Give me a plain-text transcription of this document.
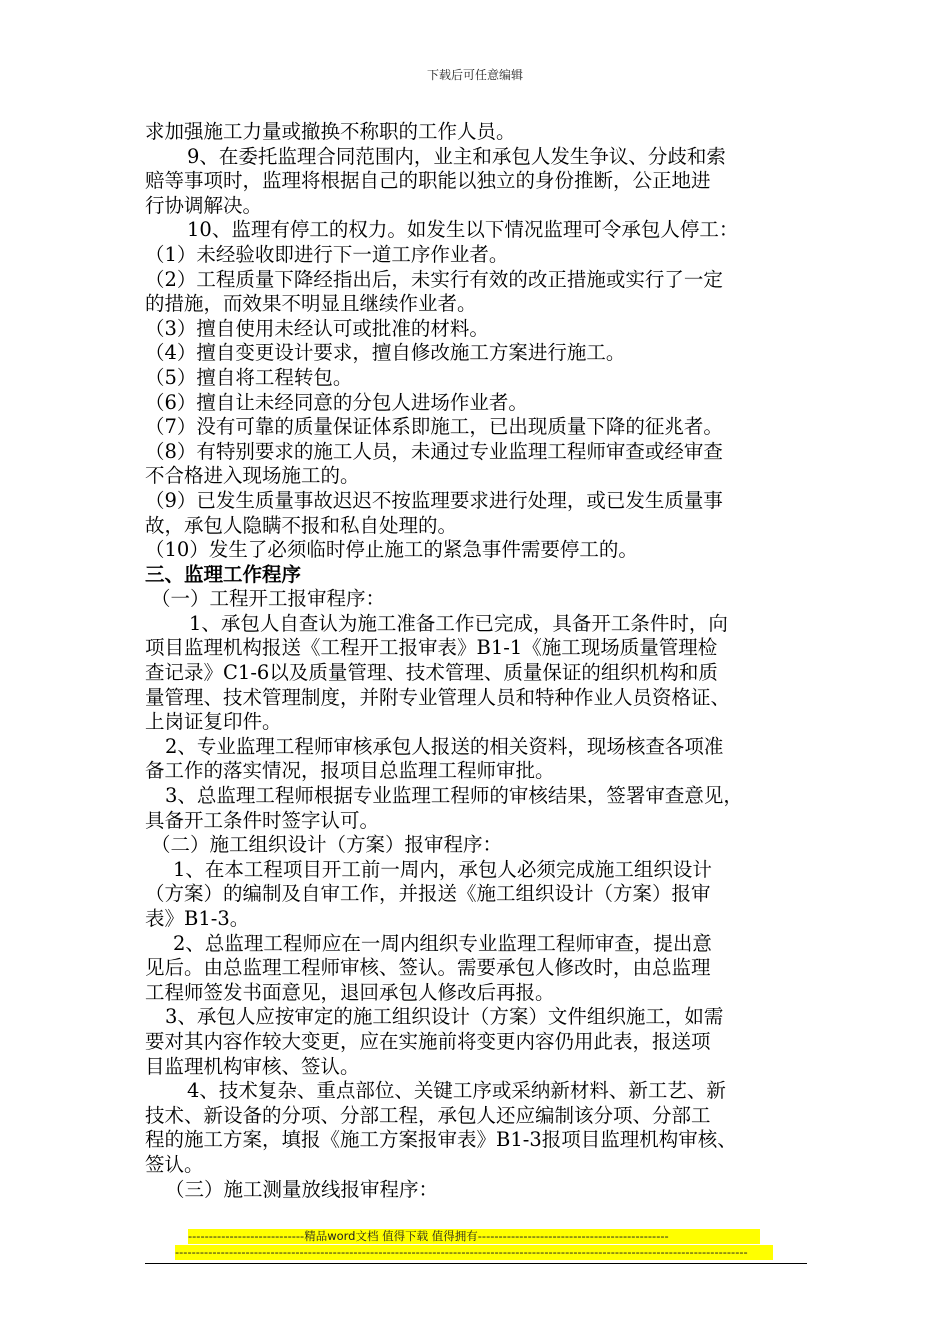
下载后可任意编辑
求加强施工力量或撤换不称职的工作人员。
9、在委托监理合同范围内，业主和承包人发生争议、分歧和索
赔等事项时，监理将根据自己的职能以独立的身份推断，公正地进
行协调解决。
10、监理有停工的权力。如发生以下情况监理可令承包人停工：
（1）未经验收即进行下一道工序作业者。
（2）工程质量下降经指出后，未实行有效的改正措施或实行了一定
的措施，而效果不明显且继续作业者。
（3）擅自使用未经认可或批准的材料。
（4）擅自变更设计要求，擅自修改施工方案进行施工。
（5）擅自将工程转包。
（6）擅自让未经同意的分包人进场作业者。
（7）没有可靠的质量保证体系即施工，已出现质量下降的征兆者。
（8）有特别要求的施工人员，未通过专业监理工程师审查或经审查
不合格进入现场施工的。
（9）已发生质量事故迟迟不按监理要求进行处理，或已发生质量事
故，承包人隐瞒不报和私自处理的。
（10）发生了必须临时停止施工的紧急事件需要停工的。
三、监理工作程序
（一）工程开工报审程序：
1、承包人自查认为施工准备工作已完成，具备开工条件时，向
项目监理机构报送《工程开工报审表》B1-1《施工现场质量管理检
查记录》C1-6以及质量管理、技术管理、质量保证的组织机构和质
量管理、技术管理制度，并附专业管理人员和特种作业人员资格证、
上岗证复印件。
2、专业监理工程师审核承包人报送的相关资料，现场核查各项准
备工作的落实情况，报项目总监理工程师审批。
3、总监理工程师根据专业监理工程师的审核结果，签署审查意见，
具备开工条件时签字认可。
（二）施工组织设计（方案）报审程序：
1、在本工程项目开工前一周内，承包人必须完成施工组织设计
（方案）的编制及自审工作，并报送《施工组织设计（方案）报审
表》B1-3。
2、总监理工程师应在一周内组织专业监理工程师审查，提出意
见后。由总监理工程师审核、签认。需要承包人修改时，由总监理
工程师签发书面意见，退回承包人修改后再报。
3、承包人应按审定的施工组织设计（方案）文件组织施工，如需
要对其内容作较大变更，应在实施前将变更内容仍用此表，报送项
目监理机构审核、签认。
4、技术复杂、重点部位、关键工序或采纳新材料、新工艺、新
技术、新设备的分项、分部工程，承包人还应编制该分项、分部工
程的施工方案，填报《施工方案报审表》B1-3报项目监理机构审核、
签认。
（三）施工测量放线报审程序：
----------------------------精品word文档 值得下载 值得拥有----------------------------------------------
------------------------------------------------------------------------------------------------------------------------------------------
